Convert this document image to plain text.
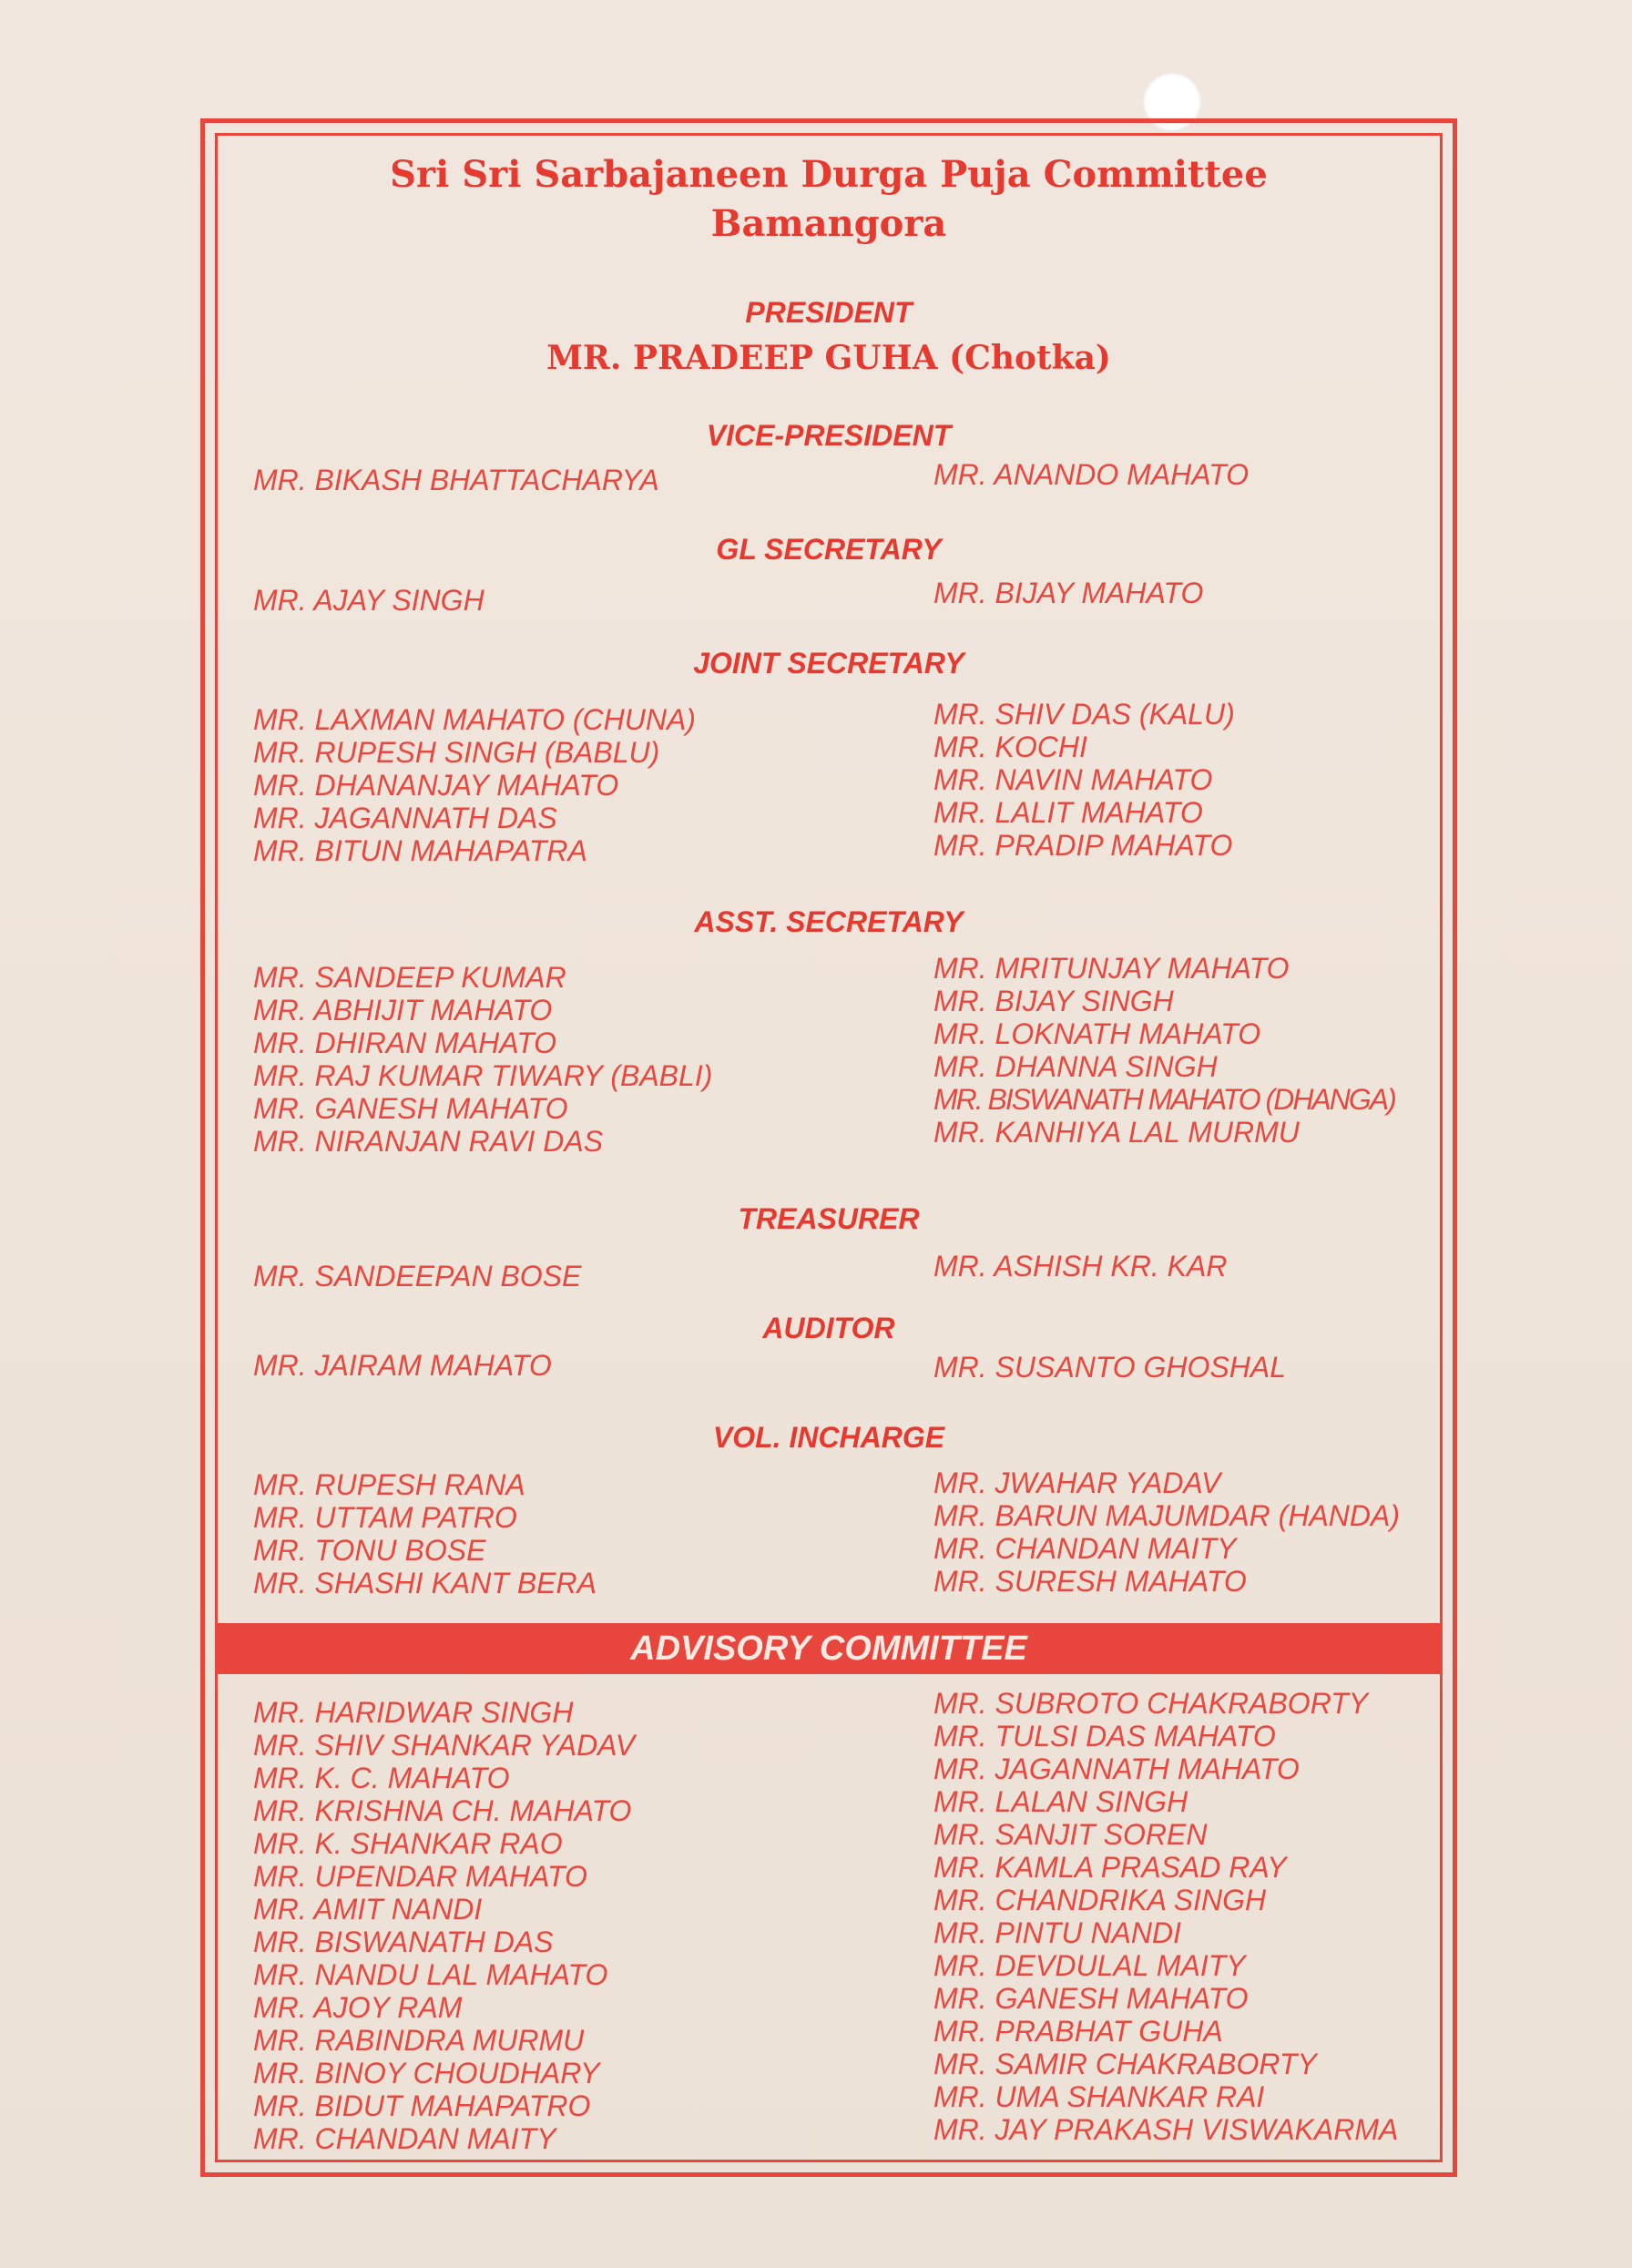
Sri Sri Sarbajaneen Durga Puja Committee
Bamangora
PRESIDENT
MR. PRADEEP GUHA (Chotka)
VICE-PRESIDENT
MR. BIKASH BHATTACHARYA	MR. ANANDO MAHATO
GL SECRETARY
MR. AJAY SINGH	MR. BIJAY MAHATO
JOINT SECRETARY
MR. LAXMAN MAHATO (CHUNA)
MR. RUPESH SINGH (BABLU)
MR. DHANANJAY MAHATO
MR. JAGANNATH DAS
MR. BITUN MAHAPATRA
MR. SHIV DAS (KALU)
MR. KOCHI
MR. NAVIN MAHATO
MR. LALIT MAHATO
MR. PRADIP MAHATO
ASST. SECRETARY
MR. SANDEEP KUMAR
MR. ABHIJIT MAHATO
MR. DHIRAN MAHATO
MR. RAJ KUMAR TIWARY (BABLI)
MR. GANESH MAHATO
MR. NIRANJAN RAVI DAS
MR. MRITUNJAY MAHATO
MR. BIJAY SINGH
MR. LOKNATH MAHATO
MR. DHANNA SINGH
MR. BISWANATH MAHATO (DHANGA)
MR. KANHIYA LAL MURMU
TREASURER
MR. SANDEEPAN BOSE	MR. ASHISH KR. KAR
AUDITOR
MR. JAIRAM MAHATO	MR. SUSANTO GHOSHAL
VOL. INCHARGE
MR. RUPESH RANA
MR. UTTAM PATRO
MR. TONU BOSE
MR. SHASHI KANT BERA
MR. JWAHAR YADAV
MR. BARUN MAJUMDAR (HANDA)
MR. CHANDAN MAITY
MR. SURESH MAHATO
ADVISORY COMMITTEE
MR. HARIDWAR SINGH
MR. SHIV SHANKAR YADAV
MR. K. C. MAHATO
MR. KRISHNA CH. MAHATO
MR. K. SHANKAR RAO
MR. UPENDAR MAHATO
MR. AMIT NANDI
MR. BISWANATH DAS
MR. NANDU LAL MAHATO
MR. AJOY RAM
MR. RABINDRA MURMU
MR. BINOY CHOUDHARY
MR. BIDUT MAHAPATRO
MR. CHANDAN MAITY
MR. SUBROTO CHAKRABORTY
MR. TULSI DAS MAHATO
MR. JAGANNATH MAHATO
MR. LALAN SINGH
MR. SANJIT SOREN
MR. KAMLA PRASAD RAY
MR. CHANDRIKA SINGH
MR. PINTU NANDI
MR. DEVDULAL MAITY
MR. GANESH MAHATO
MR. PRABHAT GUHA
MR. SAMIR CHAKRABORTY
MR. UMA SHANKAR RAI
MR. JAY PRAKASH VISWAKARMA
